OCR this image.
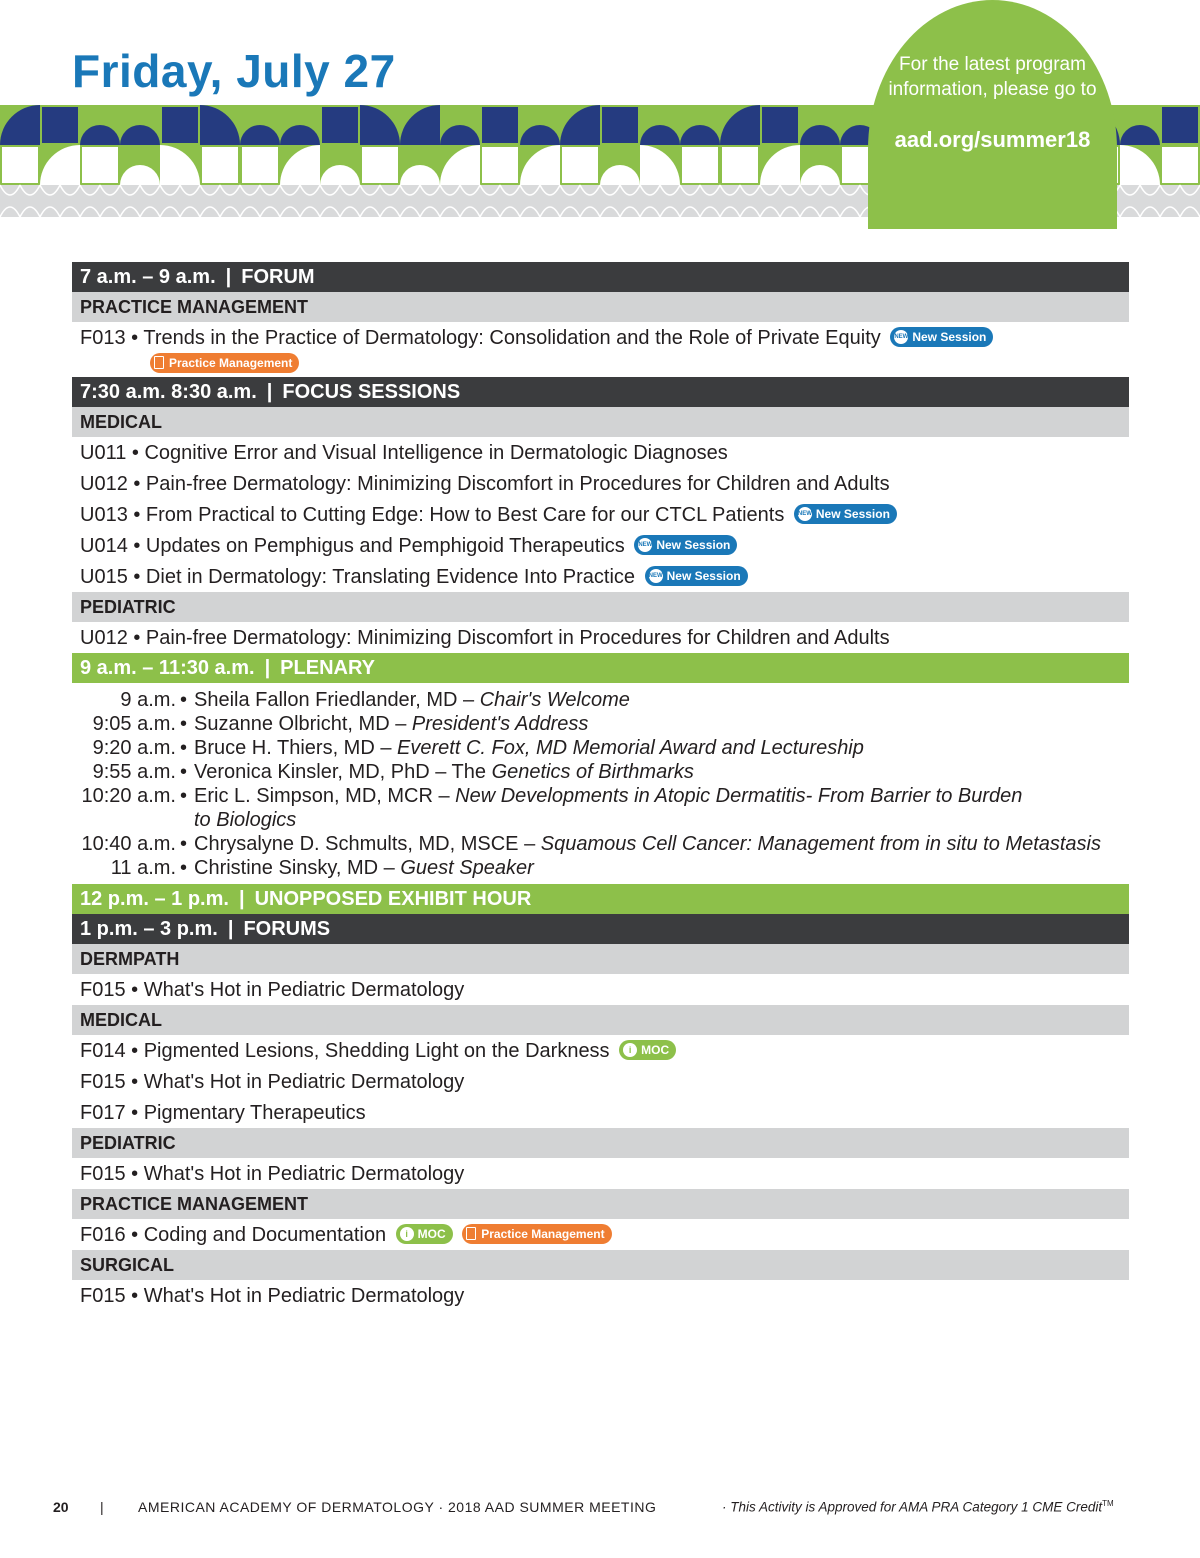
Friday, July 27	For the latest program information, please go to
aad.org/summer18
7 a.m. – 9 a.m. | FORUM
PRACTICE MANAGEMENT
F013 • Trends in the Practice of Dermatology: Consolidation and the Role of Private Equity NEW New Session
Practice Management
7:30 a.m. 8:30 a.m. | FOCUS SESSIONS
MEDICAL
U011 • Cognitive Error and Visual Intelligence in Dermatologic Diagnoses
U012 • Pain-free Dermatology: Minimizing Discomfort in Procedures for Children and Adults
U013 • From Practical to Cutting Edge: How to Best Care for our CTCL Patients NEW New Session
U014 • Updates on Pemphigus and Pemphigoid Therapeutics NEW New Session
U015 • Diet in Dermatology: Translating Evidence Into Practice NEW New Session
PEDIATRIC
U012 • Pain-free Dermatology: Minimizing Discomfort in Procedures for Children and Adults
9 a.m. – 11:30 a.m. | PLENARY
9 a.m. • Sheila Fallon Friedlander, MD – Chair's Welcome
9:05 a.m. • Suzanne Olbricht, MD – President's Address
9:20 a.m. • Bruce H. Thiers, MD – Everett C. Fox, MD Memorial Award and Lectureship
9:55 a.m. • Veronica Kinsler, MD, PhD – The Genetics of Birthmarks
10:20 a.m. • Eric L. Simpson, MD, MCR – New Developments in Atopic Dermatitis- From Barrier to Burden to Biologics
10:40 a.m. • Chrysalyne D. Schmults, MD, MSCE – Squamous Cell Cancer: Management from in situ to Metastasis
11 a.m. • Christine Sinsky, MD – Guest Speaker
12 p.m. – 1 p.m. | UNOPPOSED EXHIBIT HOUR
1 p.m. – 3 p.m. | FORUMS
DERMPATH
F015 • What's Hot in Pediatric Dermatology
MEDICAL
F014 • Pigmented Lesions, Shedding Light on the Darkness i MOC
F015 • What's Hot in Pediatric Dermatology
F017 • Pigmentary Therapeutics
PEDIATRIC
F015 • What's Hot in Pediatric Dermatology
PRACTICE MANAGEMENT
F016 • Coding and Documentation i MOC	Practice Management
SURGICAL
F015 • What's Hot in Pediatric Dermatology
20 | AMERICAN ACADEMY OF DERMATOLOGY · 2018 AAD SUMMER MEETING	· This Activity is Approved for AMA PRA Category 1 CME Credit™
